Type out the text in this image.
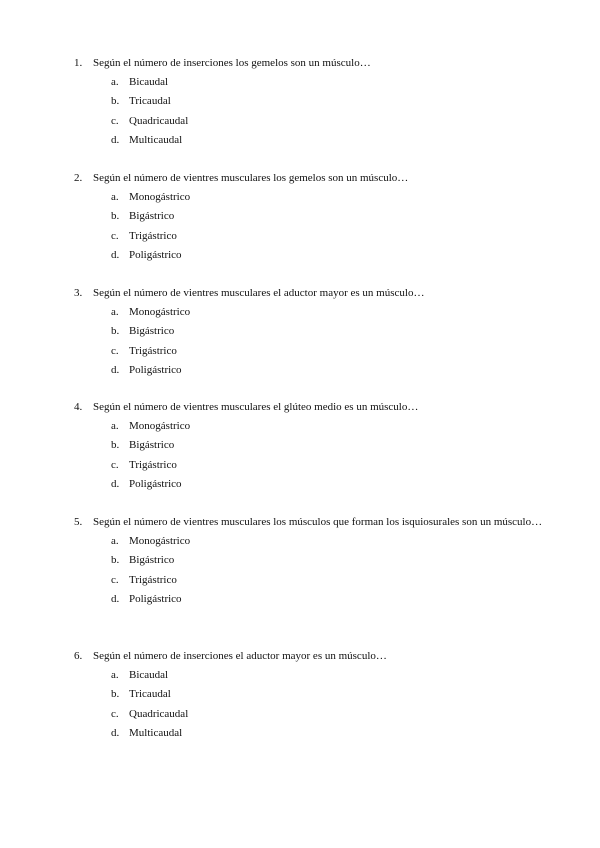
1. Según el número de inserciones los gemelos son un músculo…
a. Bicaudal
b. Tricaudal
c. Quadricaudal
d. Multicaudal
2. Según el número de vientres musculares los gemelos son un músculo…
a. Monogástrico
b. Bigástrico
c. Trigástrico
d. Poligástrico
3. Según el número de vientres musculares el aductor mayor es un músculo…
a. Monogástrico
b. Bigástrico
c. Trigástrico
d. Poligástrico
4. Según el número de vientres musculares el glúteo medio es un músculo…
a. Monogástrico
b. Bigástrico
c. Trigástrico
d. Poligástrico
5. Según el número de vientres musculares los músculos que forman los isquiosurales son un músculo…
a. Monogástrico
b. Bigástrico
c. Trigástrico
d. Poligástrico
6. Según el número de inserciones el aductor mayor es un músculo…
a. Bicaudal
b. Tricaudal
c. Quadricaudal
d. Multicaudal
